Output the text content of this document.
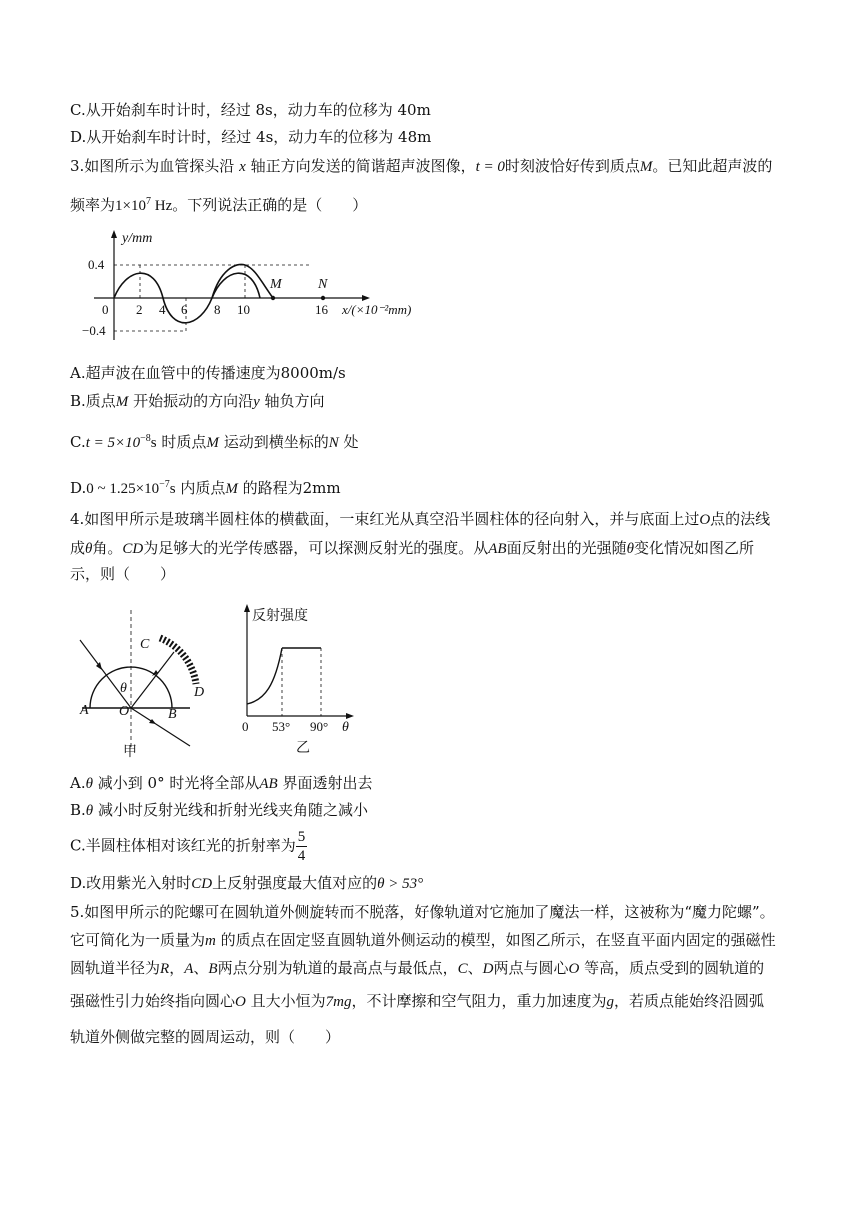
C.从开始刹车时计时，经过 8s，动力车的位移为 40m
D.从开始刹车时计时，经过 4s，动力车的位移为 48m
3.如图所示为血管探头沿 x 轴正方向发送的简谐超声波图像，t = 0时刻波恰好传到质点M。已知此超声波的
频率为$1\times 10^7$ Hz。下列说法正确的是（　　）
y/mm
0.4
−0.4
0 2 4 6 8 10	16
M	N
x/(×10⁻²mm)
A.超声波在血管中的传播速度为8000m/s
B.质点M 开始振动的方向沿y 轴负方向
$C.t = 5\times 10^{-8}s$ 时质点M 运动到横坐标的N 处
D.0 ~ $1.25\times 10^{-7}s$ 内质点M 的路程为2mm
4.如图甲所示是玻璃半圆柱体的横截面，一束红光从真空沿半圆柱体的径向射入，并与底面上过O点的法线
成θ角。CD为足够大的光学传感器，可以探测反射光的强度。从AB面反射出的光强随θ变化情况如图乙所
示，则（　　）
A	B
C
D
O
θ
甲
反射强度
0 53° 90° θ
乙
A.θ 减小到 0° 时光将全部从AB 界面透射出去
B.θ 减小时反射光线和折射光线夹角随之减小
C.半圆柱体相对该红光的折射率为 $\frac{5}{4}$
D.改用紫光入射时CD上反射强度最大值对应的θ > 53°
5.如图甲所示的陀螺可在圆轨道外侧旋转而不脱落，好像轨道对它施加了魔法一样，这被称为“魔力陀螺”。
它可简化为一质量为m 的质点在固定竖直圆轨道外侧运动的模型，如图乙所示，在竖直平面内固定的强磁性
圆轨道半径为R，A、B两点分别为轨道的最高点与最低点，C、D两点与圆心O 等高，质点受到的圆轨道的
强磁性引力始终指向圆心O 且大小恒为7mg，不计摩擦和空气阻力，重力加速度为g，若质点能始终沿圆弧
轨道外侧做完整的圆周运动，则（　　）
